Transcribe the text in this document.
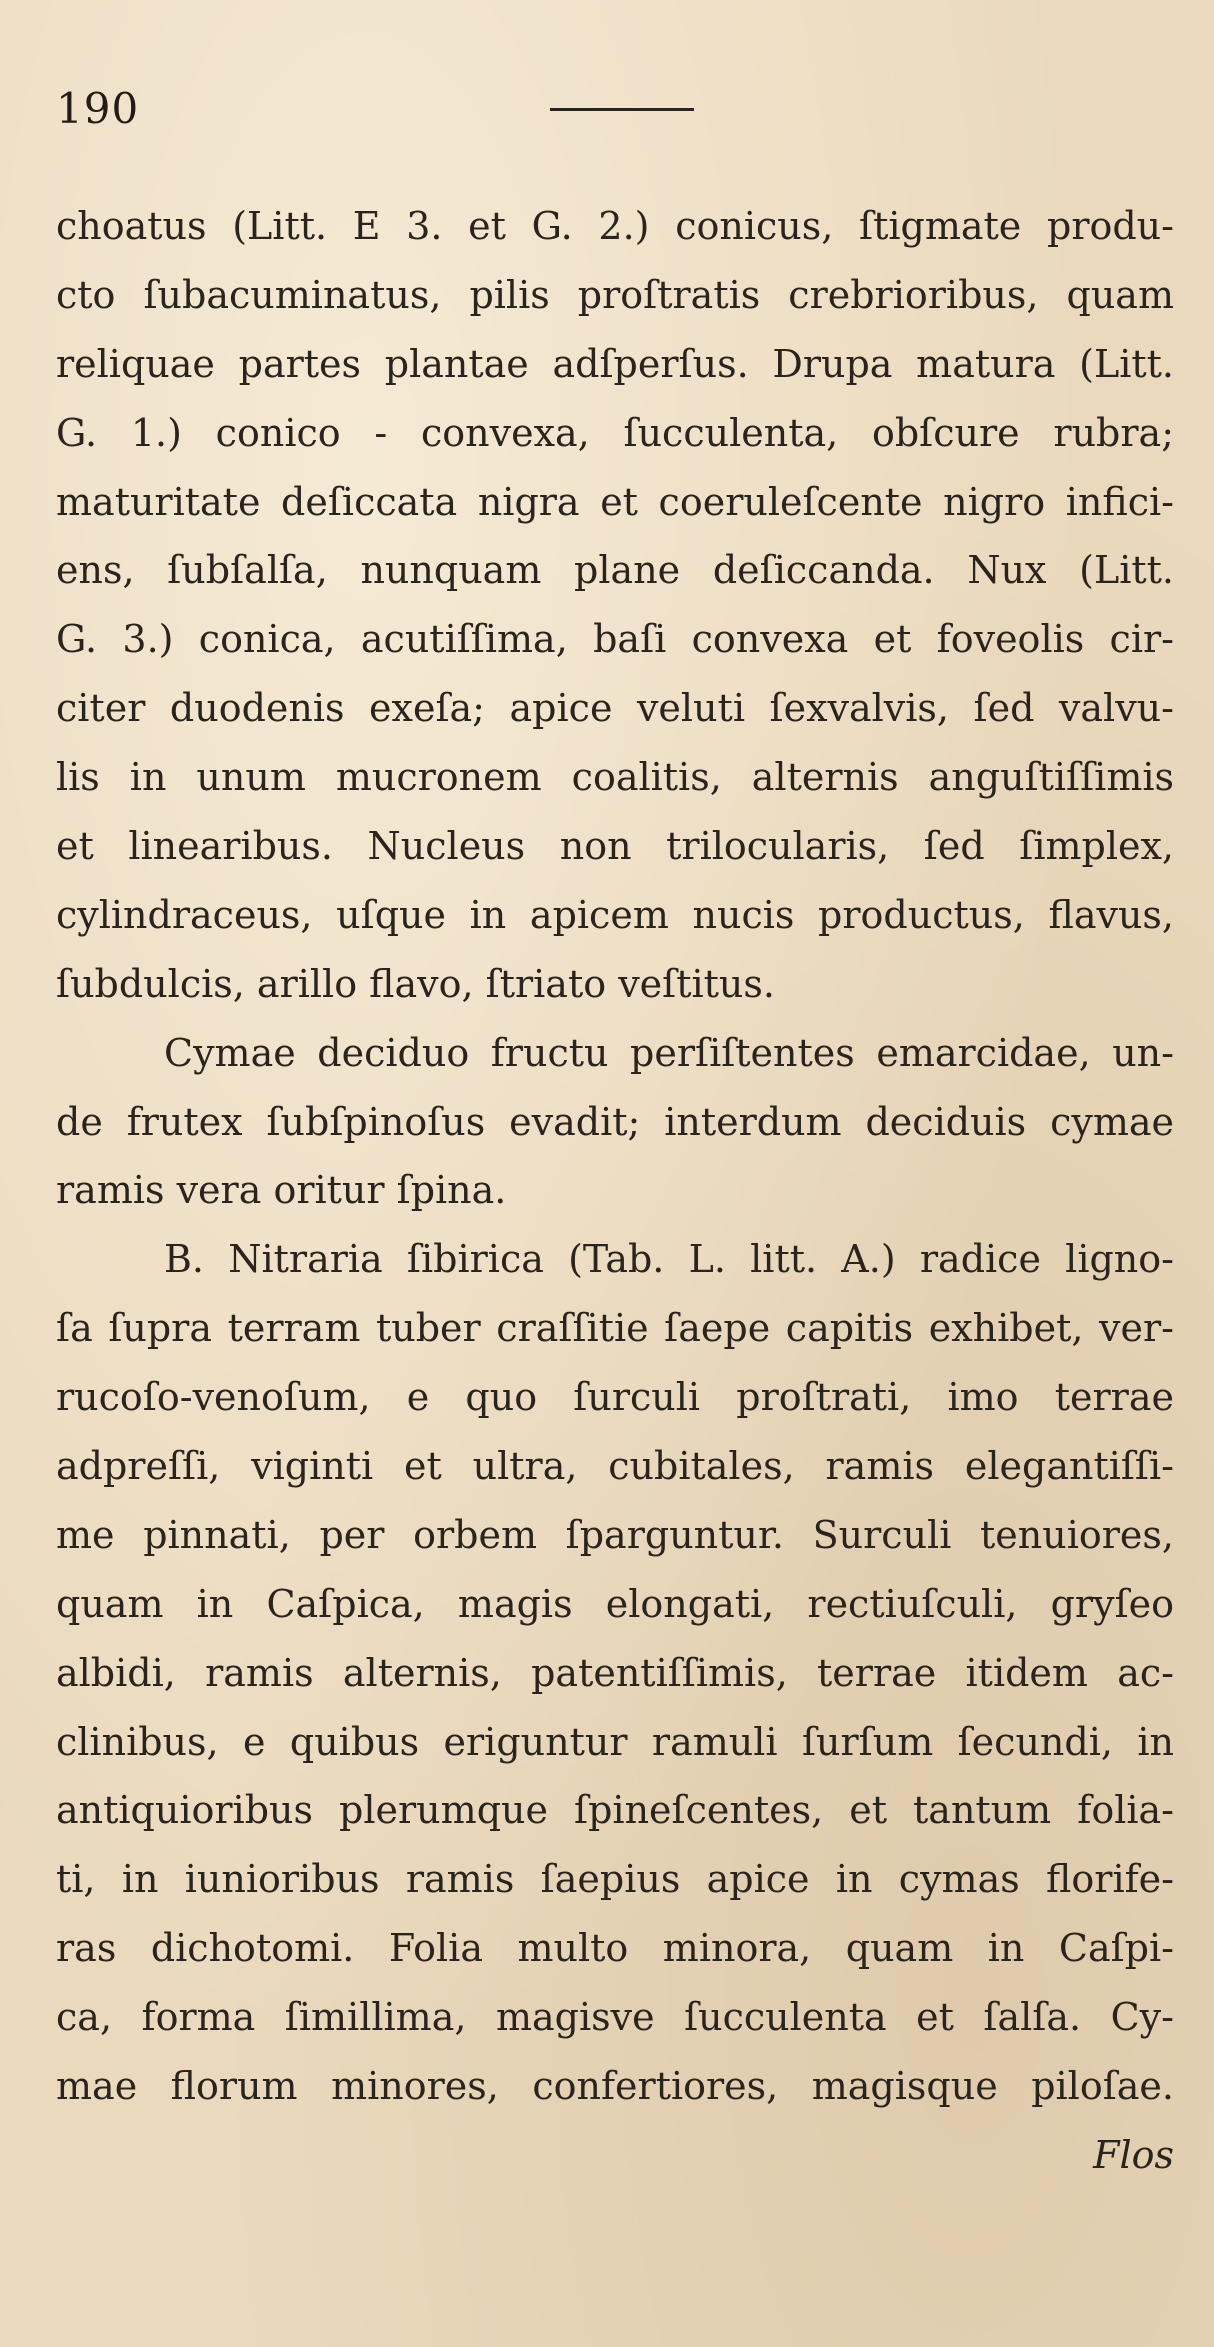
190
choatus (Litt. E 3. et G. 2.) conicus, ſtigmate produ-
cto ſubacuminatus, pilis proſtratis crebrioribus, quam
reliquae partes plantae adſperſus. Drupa matura (Litt.
G. 1.) conico - convexa, ſucculenta, obſcure rubra;
maturitate deſiccata nigra et coeruleſcente nigro infici-
ens, ſubſalſa, nunquam plane deſiccanda. Nux (Litt.
G. 3.) conica, acutiſſima, baſi convexa et foveolis cir-
citer duodenis exeſa; apice veluti ſexvalvis, ſed valvu-
lis in unum mucronem coalitis, alternis anguſtiſſimis
et linearibus. Nucleus non trilocularis, ſed ſimplex,
cylindraceus, uſque in apicem nucis productus, flavus,
ſubdulcis, arillo flavo, ſtriato veſtitus.
Cymae deciduo fructu perſiſtentes emarcidae, un-
de frutex ſubſpinoſus evadit; interdum deciduis cymae
ramis vera oritur ſpina.
B. Nitraria ſibirica (Tab. L. litt. A.) radice ligno-
ſa ſupra terram tuber craſſitie ſaepe capitis exhibet, ver-
rucoſo-venoſum, e quo ſurculi proſtrati, imo terrae
adpreſſi, viginti et ultra, cubitales, ramis elegantiſſi-
me pinnati, per orbem ſparguntur. Surculi tenuiores,
quam in Caſpica, magis elongati, rectiuſculi, gryſeo
albidi, ramis alternis, patentiſſimis, terrae itidem ac-
clinibus, e quibus eriguntur ramuli ſurſum ſecundi, in
antiquioribus plerumque ſpineſcentes, et tantum folia-
ti, in iunioribus ramis ſaepius apice in cymas florife-
ras dichotomi. Folia multo minora, quam in Caſpi-
ca, forma ſimillima, magisve ſucculenta et ſalſa. Cy-
mae florum minores, confertiores, magisque piloſae.
Flos
